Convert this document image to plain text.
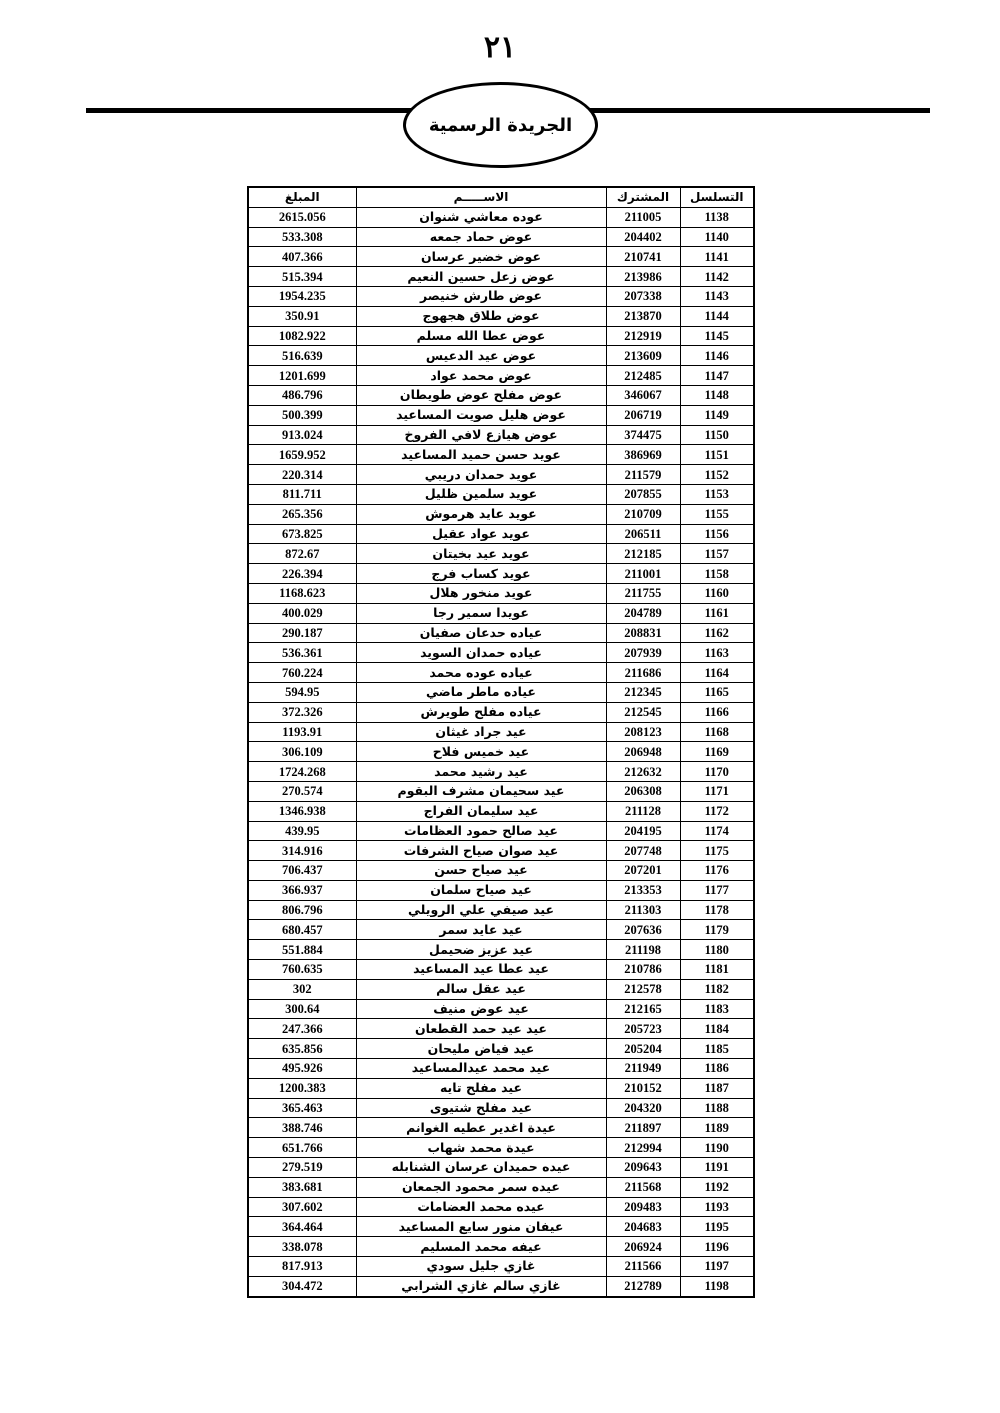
٢١
الجريدة الرسمية
المبلغ	الاســـــم	المشترك	التسلسل
2615.056	عوده معاشي شنوان	211005	1138
533.308	عوض حماد جمعه	204402	1140
407.366	عوض خضير عرسان	210741	1141
515.394	عوض زعل حسين النعيم	213986	1142
1954.235	عوض طارش خنيصر	207338	1143
350.91	عوض طلاق هجهوج	213870	1144
1082.922	عوض عطا الله مسلم	212919	1145
516.639	عوض عيد الدعيس	213609	1146
1201.699	عوض محمد عواد	212485	1147
486.796	عوض مفلح عوض طويطان	346067	1148
500.399	عوض هليل صويت المساعيد	206719	1149
913.024	عوض هيازع لافي الفروخ	374475	1150
1659.952	عويد حسن حميد المساعيد	386969	1151
220.314	عويد حمدان دريبي	211579	1152
811.711	عويد سلمين ظليل	207855	1153
265.356	عويد عايد هرموش	210709	1155
673.825	عويد عواد عقيل	206511	1156
872.67	عويد عيد بخيتان	212185	1157
226.394	عويد كساب فرج	211001	1158
1168.623	عويد منخور هلال	211755	1160
400.029	عويدا سمير رجا	204789	1161
290.187	عياده حدعان صفيان	208831	1162
536.361	عياده حمدان السويد	207939	1163
760.224	عياده عوده محمد	211686	1164
594.95	عياده ماطر ماضي	212345	1165
372.326	عياده مفلح طويرش	212545	1166
1193.91	عيد جراد غيثان	208123	1168
306.109	عيد خميس فلاح	206948	1169
1724.268	عيد رشيد محمد	212632	1170
270.574	عيد سحيمان مشرف البقوم	206308	1171
1346.938	عيد سليمان الفراج	211128	1172
439.95	عيد صالح حمود العظامات	204195	1174
314.916	عيد صوان صياح الشرفات	207748	1175
706.437	عيد صياح حسن	207201	1176
366.937	عيد صياح سلمان	213353	1177
806.796	عيد صيفي علي الرويلي	211303	1178
680.457	عيد عايد سمر	207636	1179
551.884	عيد عزيز ضحيمل	211198	1180
760.635	عيد عطا عيد المساعيد	210786	1181
302	عيد عقل سالم	212578	1182
300.64	عيد عوض منيف	212165	1183
247.366	عيد عيد حمد القطعان	205723	1184
635.856	عيد فياض مليحان	205204	1185
495.926	عيد محمد عيدالمساعيد	211949	1186
1200.383	عيد مفلح تايه	210152	1187
365.463	عيد مفلح شتيوى	204320	1188
388.746	عيدة اغدير عطيه الغوانم	211897	1189
651.766	عيدة محمد شهاب	212994	1190
279.519	عيده حميدان عرسان الشنابله	209643	1191
383.681	عيده سمر محمود الجمعان	211568	1192
307.602	عيده محمد العضامات	209483	1193
364.464	عيفان منور سايع المساعيد	204683	1195
338.078	عيفه محمد المسليم	206924	1196
817.913	غازي جليل سودي	211566	1197
304.472	غازي سالم غازي الشرابي	212789	1198
